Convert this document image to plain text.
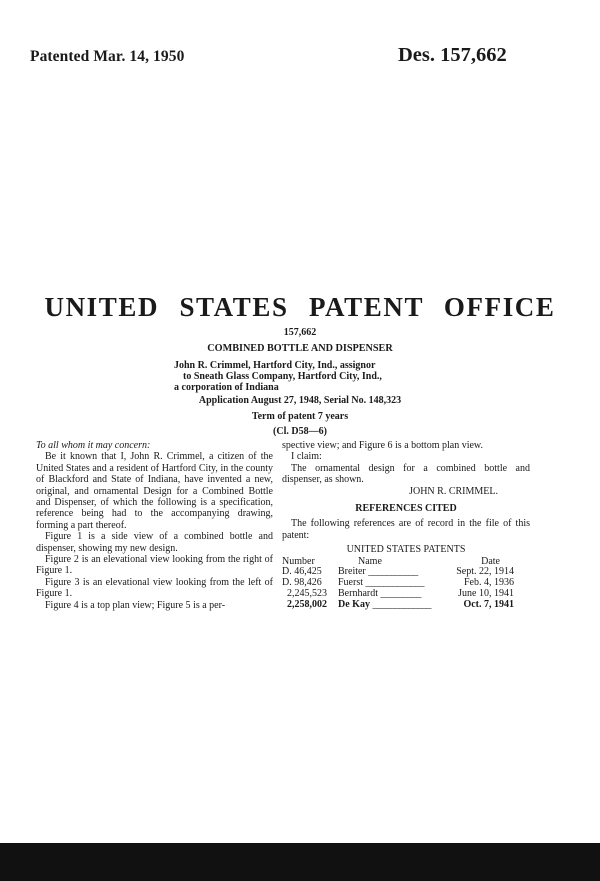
Patented Mar. 14, 1950	Des. 157,662
UNITED STATES PATENT OFFICE
157,662
COMBINED BOTTLE AND DISPENSER
John R. Crimmel, Hartford City, Ind., assignor
to Sneath Glass Company, Hartford City, Ind.,
a corporation of Indiana
Application August 27, 1948, Serial No. 148,323
Term of patent 7 years
(Cl. D58—6)

To all whom it may concern:

Be it known that I, John R. Crimmel, a citizen of the United States and a resident of Hartford City, in the county of Blackford and State of Indiana, have invented a new, original, and ornamental Design for a Combined Bottle and Dispenser, of which the following is a specification, reference being had to the accompanying drawing, forming a part thereof.

Figure 1 is a side view of a combined bottle and dispenser, showing my new design.

Figure 2 is an elevational view looking from the right of Figure 1.

Figure 3 is an elevational view looking from the left of Figure 1.

Figure 4 is a top plan view; Figure 5 is a per-

spective view; and Figure 6 is a bottom plan view.

I claim:

The ornamental design for a combined bottle and dispenser, as shown.

JOHN R. CRIMMEL.

REFERENCES CITED

The following references are of record in the file of this patent:

UNITED STATES PATENTS

Number	Name	Date
D. 46,425	Breiter ___________	Sept. 22, 1914
D. 98,426	Fuerst _____________	Feb. 4, 1936
2,245,523	Bernhardt _________	June 10, 1941
2,258,002	De Kay _____________	Oct. 7, 1941
